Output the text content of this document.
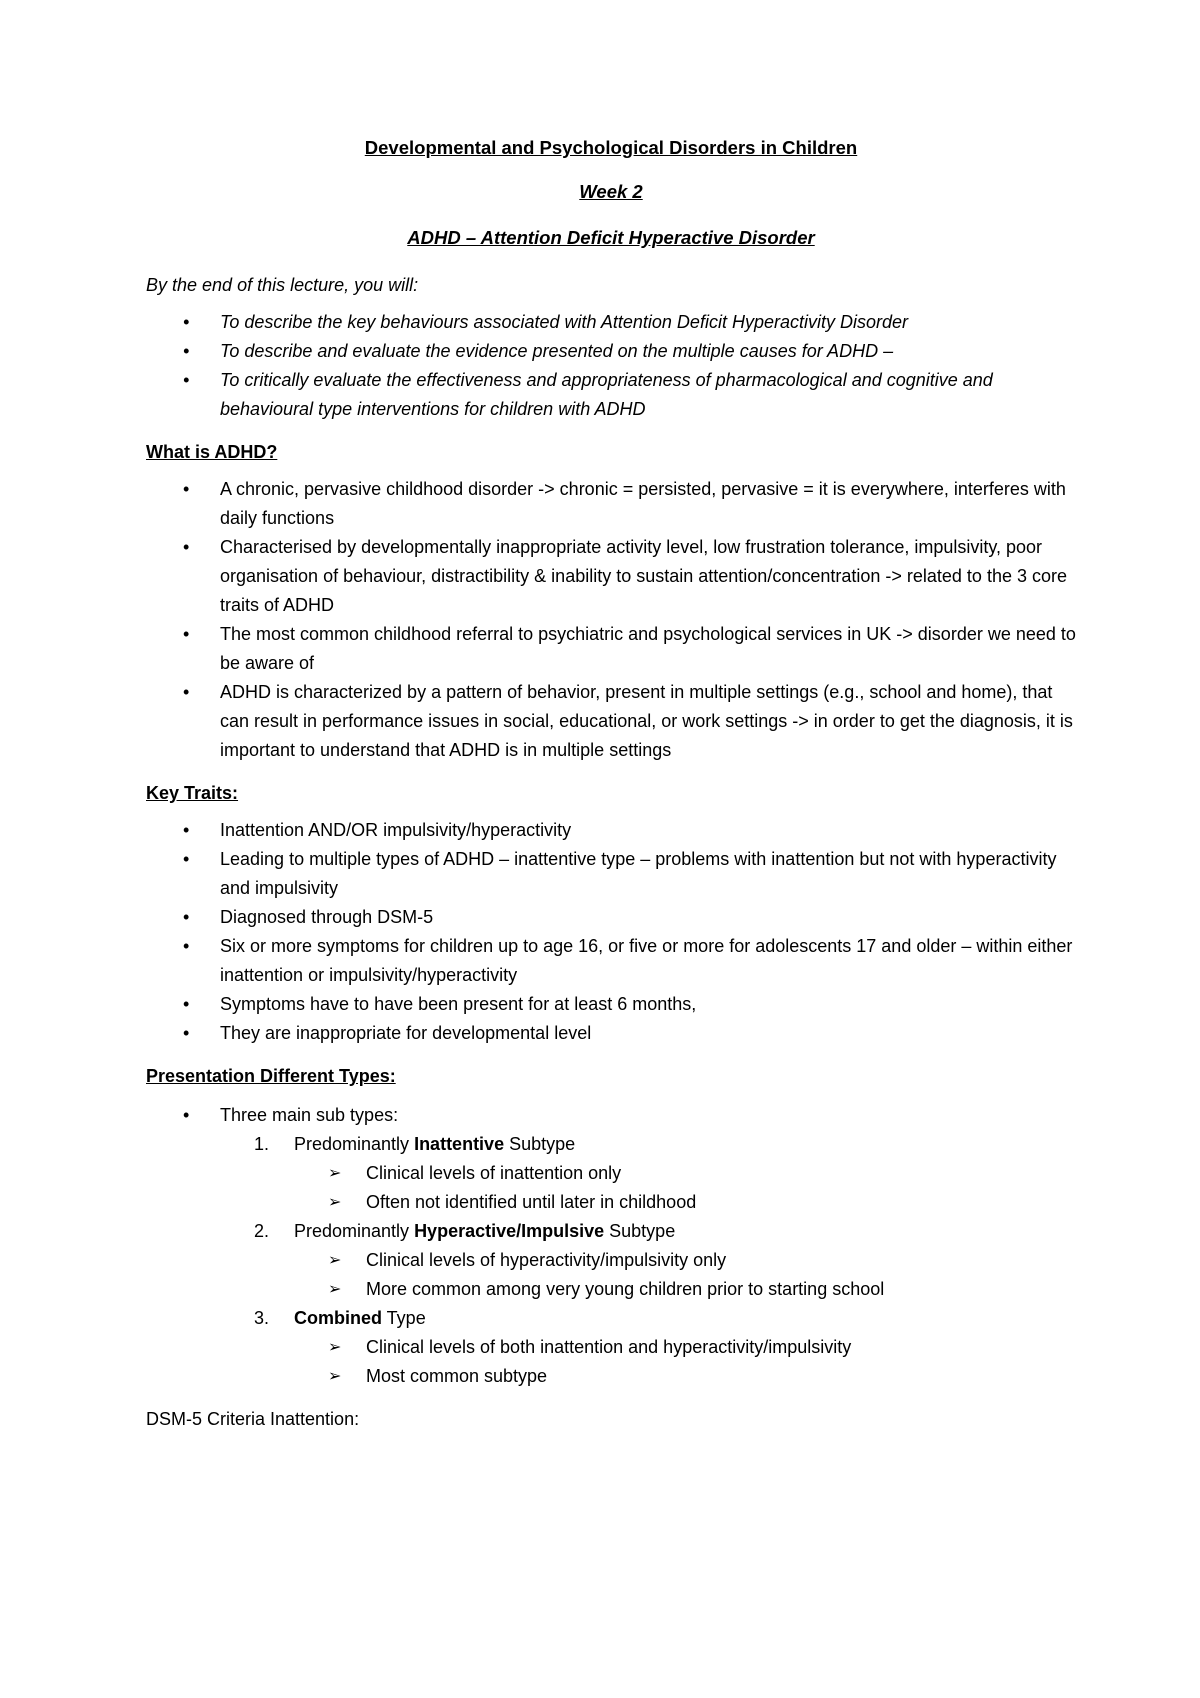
Developmental and Psychological Disorders in Children

Week 2

ADHD – Attention Deficit Hyperactive Disorder

By the end of this lecture, you will:

• To describe the key behaviours associated with Attention Deficit Hyperactivity Disorder
• To describe and evaluate the evidence presented on the multiple causes for ADHD –
• To critically evaluate the effectiveness and appropriateness of pharmacological and cognitive and behavioural type interventions for children with ADHD

What is ADHD?

• A chronic, pervasive childhood disorder -> chronic = persisted, pervasive = it is everywhere, interferes with daily functions
• Characterised by developmentally inappropriate activity level, low frustration tolerance, impulsivity, poor organisation of behaviour, distractibility & inability to sustain attention/concentration -> related to the 3 core traits of ADHD
• The most common childhood referral to psychiatric and psychological services in UK -> disorder we need to be aware of
• ADHD is characterized by a pattern of behavior, present in multiple settings (e.g., school and home), that can result in performance issues in social, educational, or work settings -> in order to get the diagnosis, it is important to understand that ADHD is in multiple settings

Key Traits:

• Inattention AND/OR impulsivity/hyperactivity
• Leading to multiple types of ADHD – inattentive type – problems with inattention but not with hyperactivity and impulsivity
• Diagnosed through DSM-5
• Six or more symptoms for children up to age 16, or five or more for adolescents 17 and older – within either inattention or impulsivity/hyperactivity
• Symptoms have to have been present for at least 6 months,
• They are inappropriate for developmental level

Presentation Different Types:

• Three main sub types:
1. Predominantly Inattentive Subtype
➢ Clinical levels of inattention only
➢ Often not identified until later in childhood
2. Predominantly Hyperactive/Impulsive Subtype
➢ Clinical levels of hyperactivity/impulsivity only
➢ More common among very young children prior to starting school
3. Combined Type
➢ Clinical levels of both inattention and hyperactivity/impulsivity
➢ Most common subtype

DSM-5 Criteria Inattention:
